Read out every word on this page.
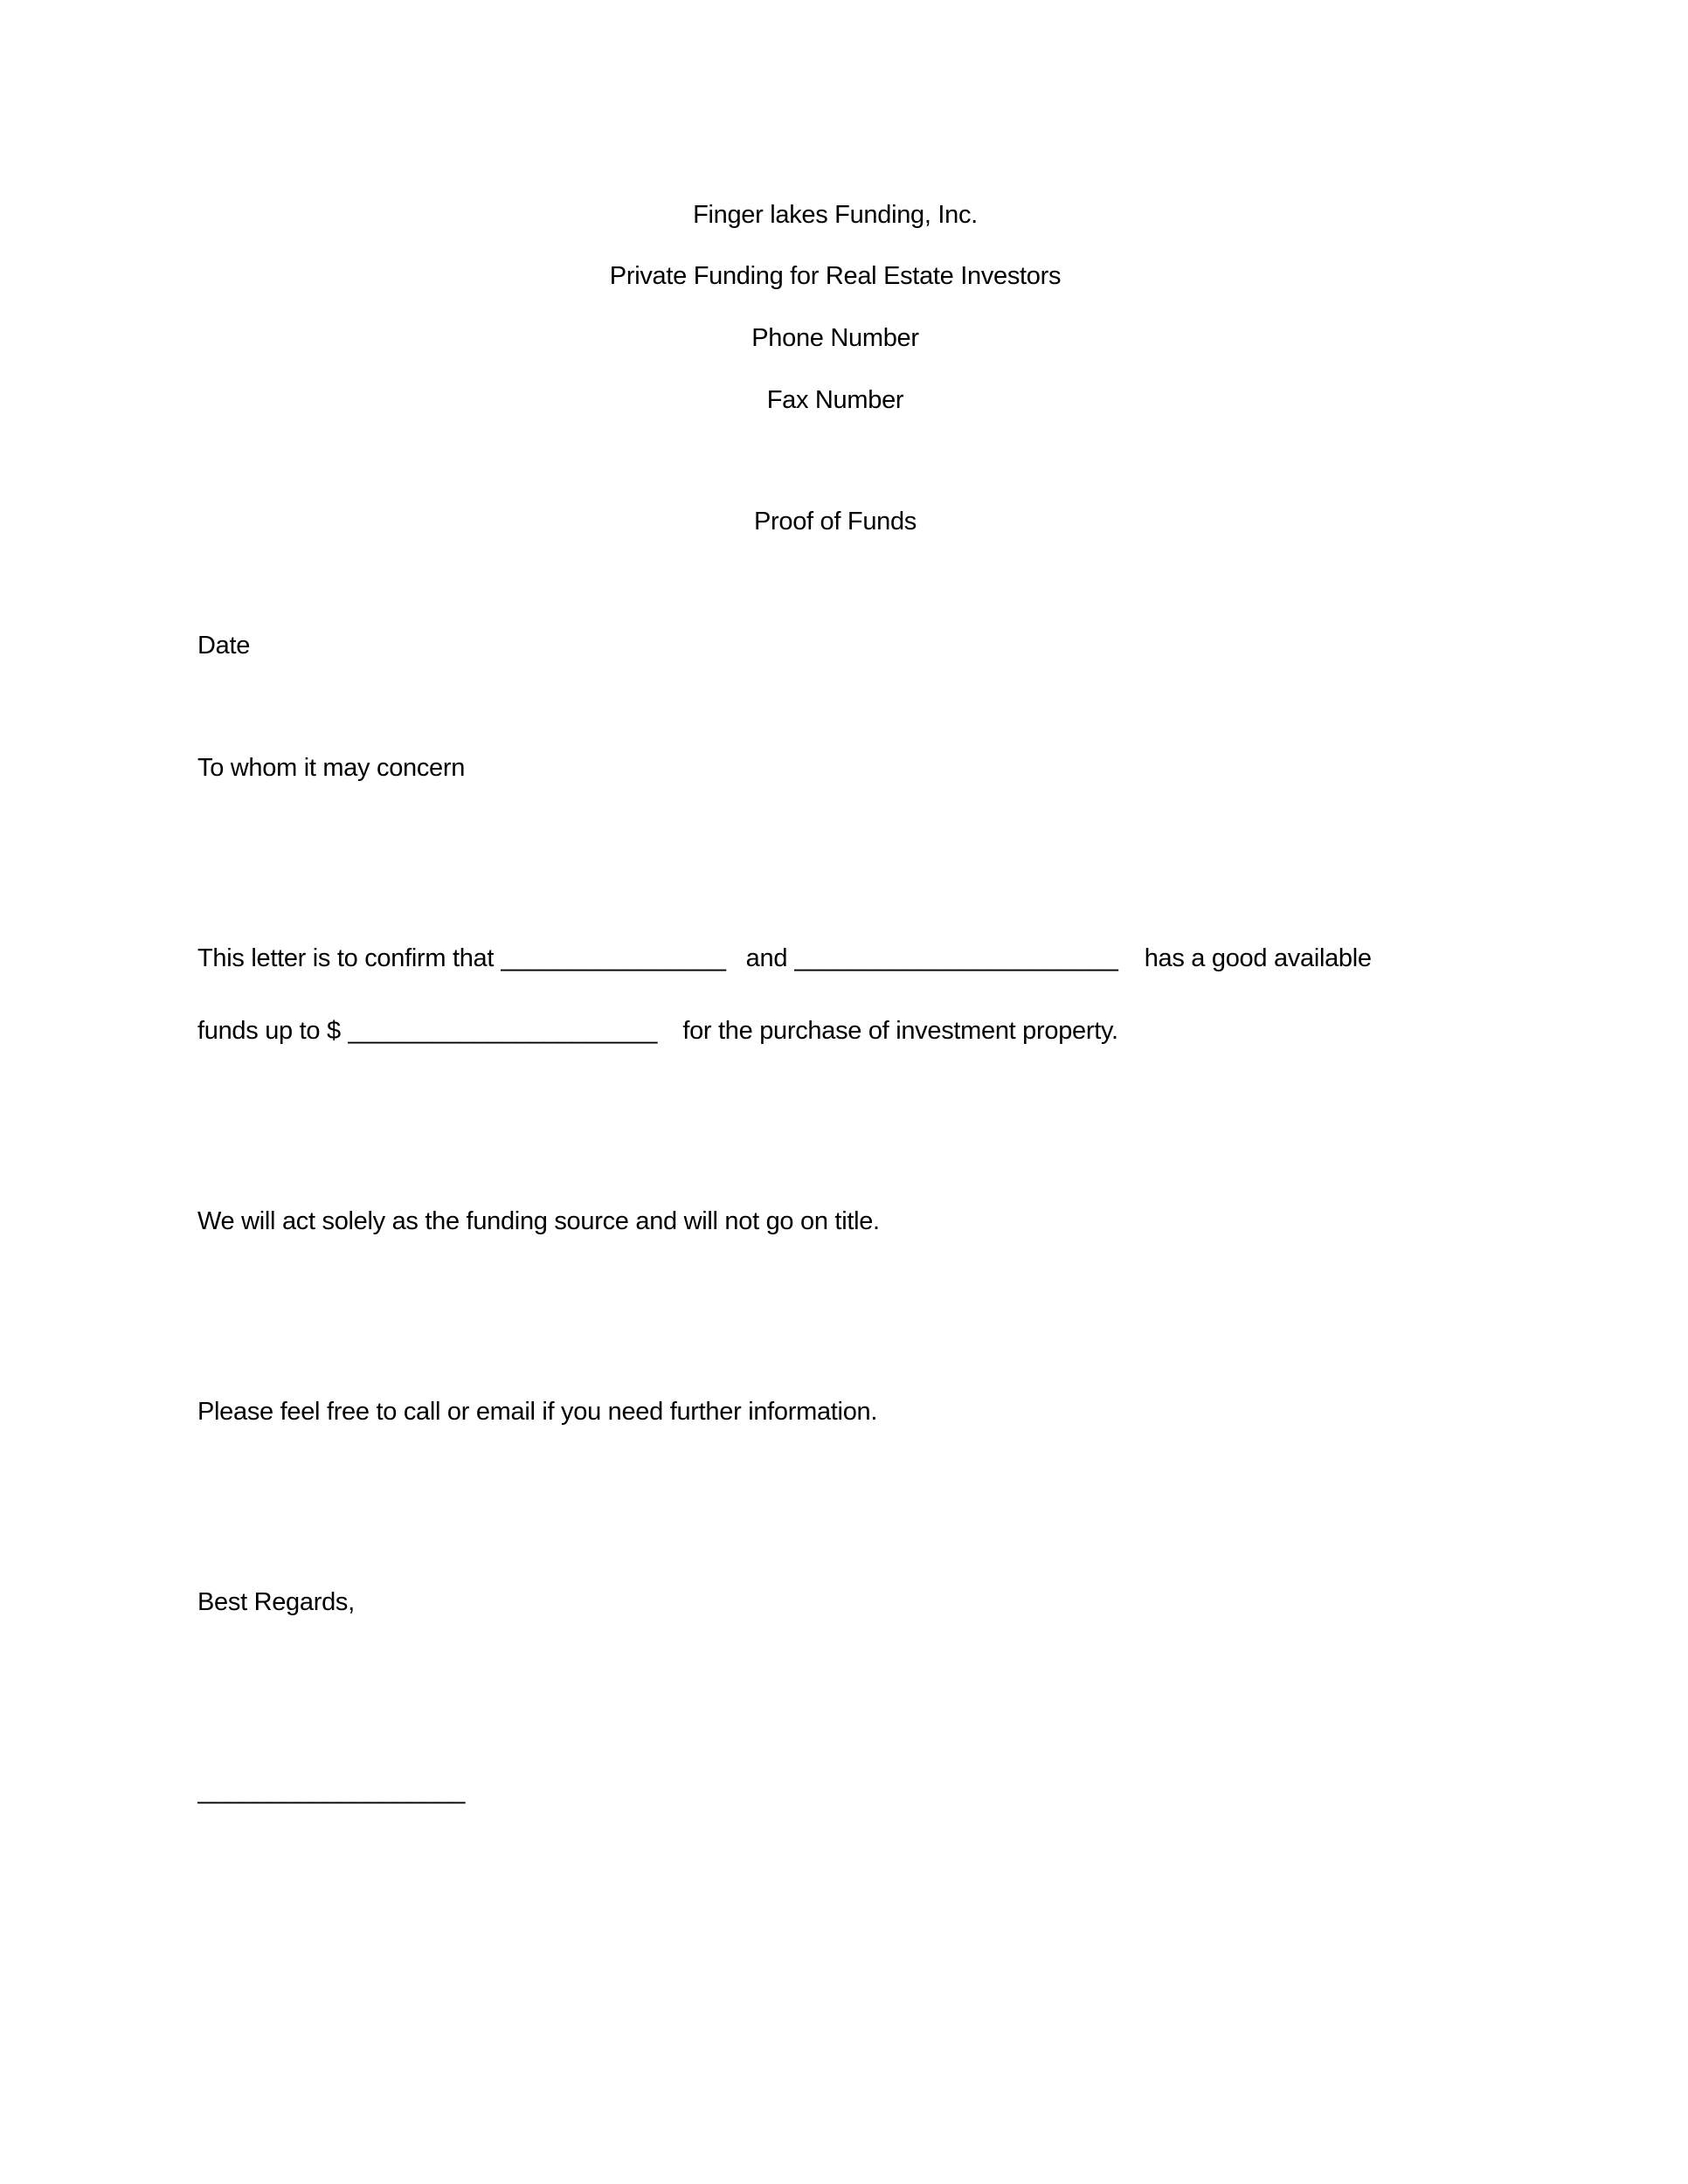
Finger lakes Funding, Inc.
Private Funding for Real Estate Investors
Phone Number
Fax Number
Proof of Funds
Date
To whom it may concern
This letter is to confirm that ________________ and _______________________ has a good available
funds up to $ ______________________ for the purchase of investment property.
We will act solely as the funding source and will not go on title.
Please feel free to call or email if you need further information.
Best Regards,
___________________
